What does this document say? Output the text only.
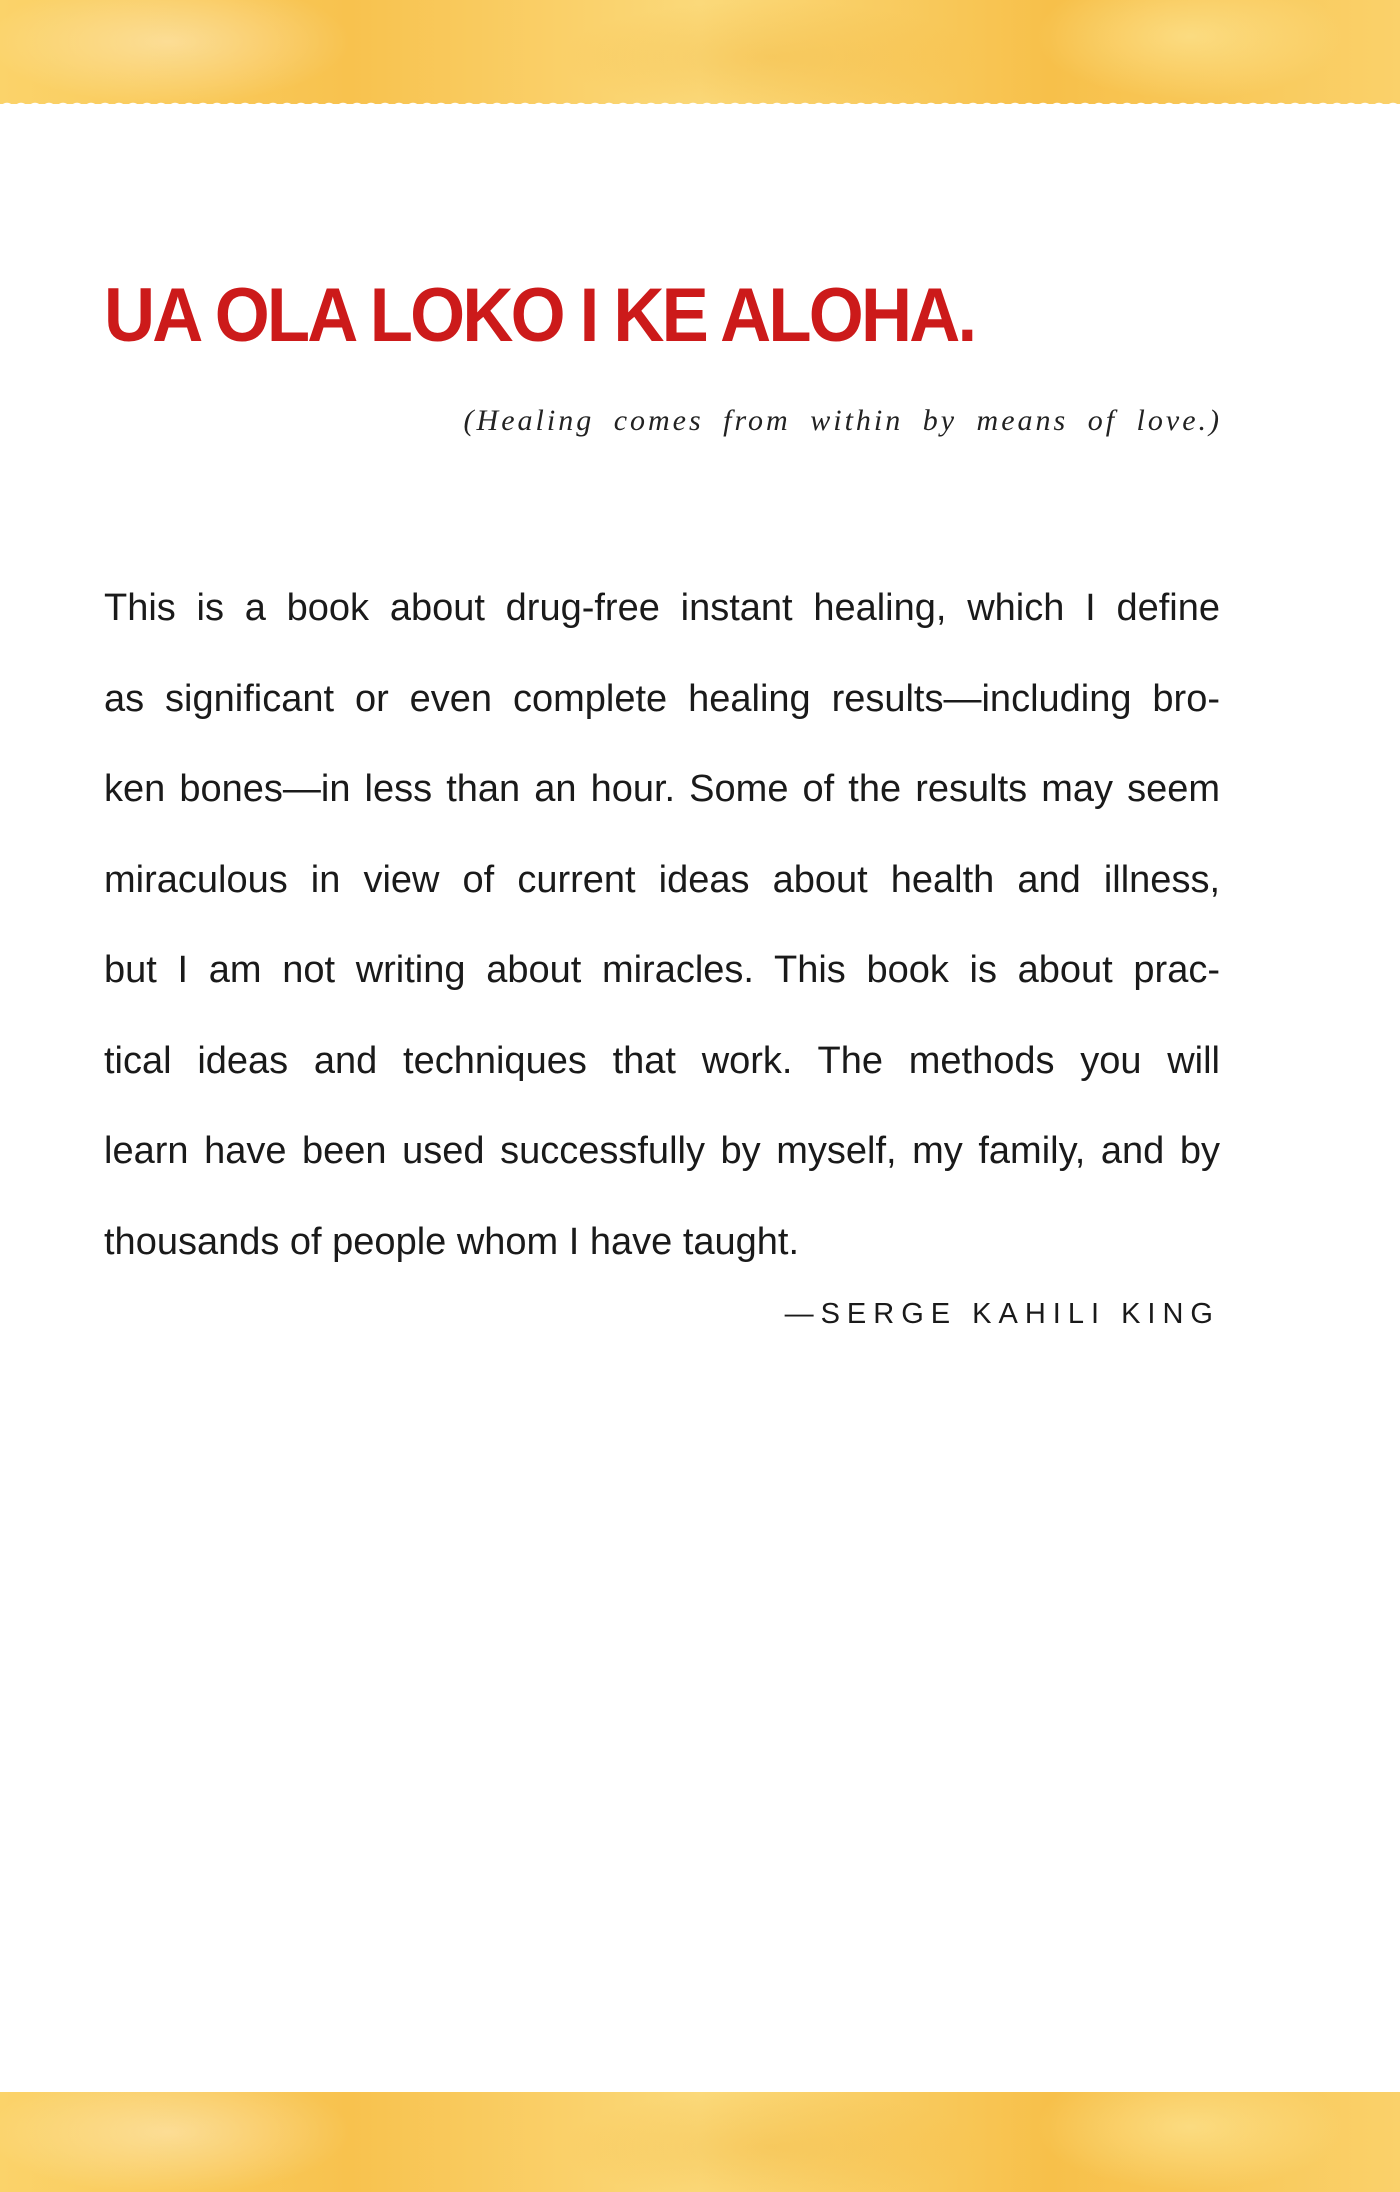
UA OLA LOKO I KE ALOHA.
(Healing comes from within by means of love.)
This is a book about drug-free instant healing, which I define
as significant or even complete healing results—including bro-
ken bones—in less than an hour. Some of the results may seem
miraculous in view of current ideas about health and illness,
but I am not writing about miracles. This book is about prac-
tical ideas and techniques that work. The methods you will
learn have been used successfully by myself, my family, and by
thousands of people whom I have taught.
—SERGE KAHILI KING
